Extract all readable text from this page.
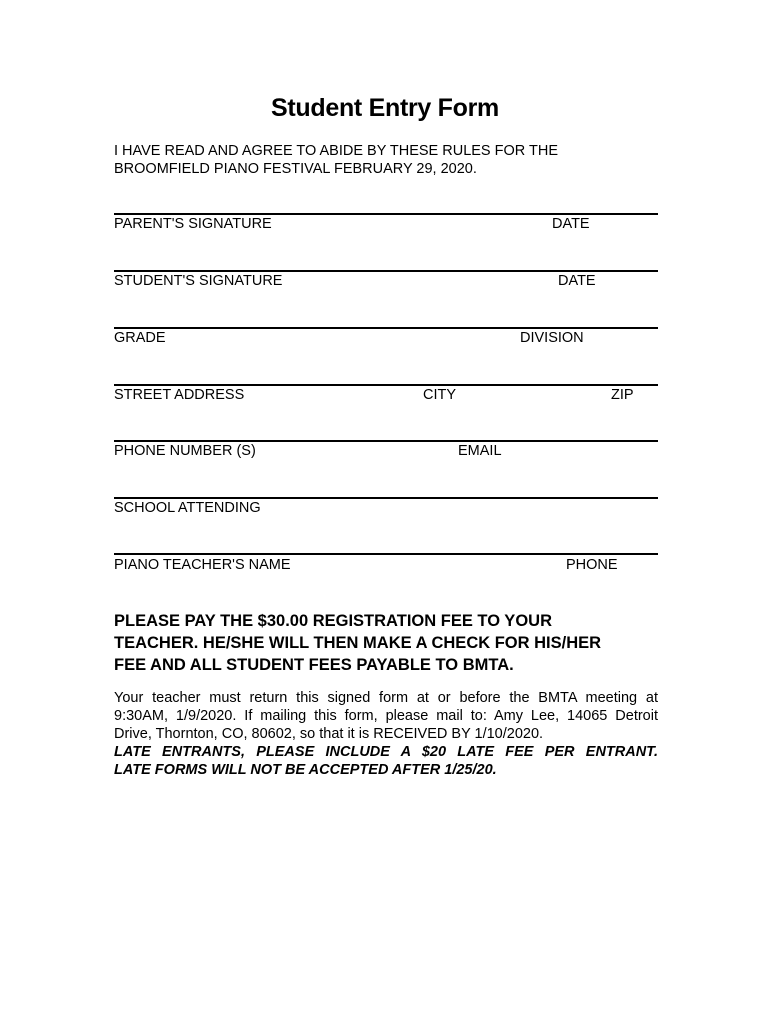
Student Entry Form
I HAVE READ AND AGREE TO ABIDE BY THESE RULES FOR THE
BROOMFIELD PIANO FESTIVAL FEBRUARY 29, 2020.
PARENT'S SIGNATURE	DATE
STUDENT'S SIGNATURE	DATE
GRADE	DIVISION
STREET ADDRESS	CITY	ZIP
PHONE NUMBER (S)	EMAIL
SCHOOL ATTENDING
PIANO TEACHER'S NAME	PHONE
PLEASE PAY THE $30.00 REGISTRATION FEE TO YOUR
TEACHER. HE/SHE WILL THEN MAKE A CHECK FOR HIS/HER
FEE AND ALL STUDENT FEES PAYABLE TO BMTA.
Your teacher must return this signed form at or before the BMTA meeting at
9:30AM, 1/9/2020. If mailing this form, please mail to: Amy Lee, 14065 Detroit
Drive, Thornton, CO, 80602, so that it is RECEIVED BY 1/10/2020.
LATE ENTRANTS, PLEASE INCLUDE A $20 LATE FEE PER ENTRANT.
LATE FORMS WILL NOT BE ACCEPTED AFTER 1/25/20.
